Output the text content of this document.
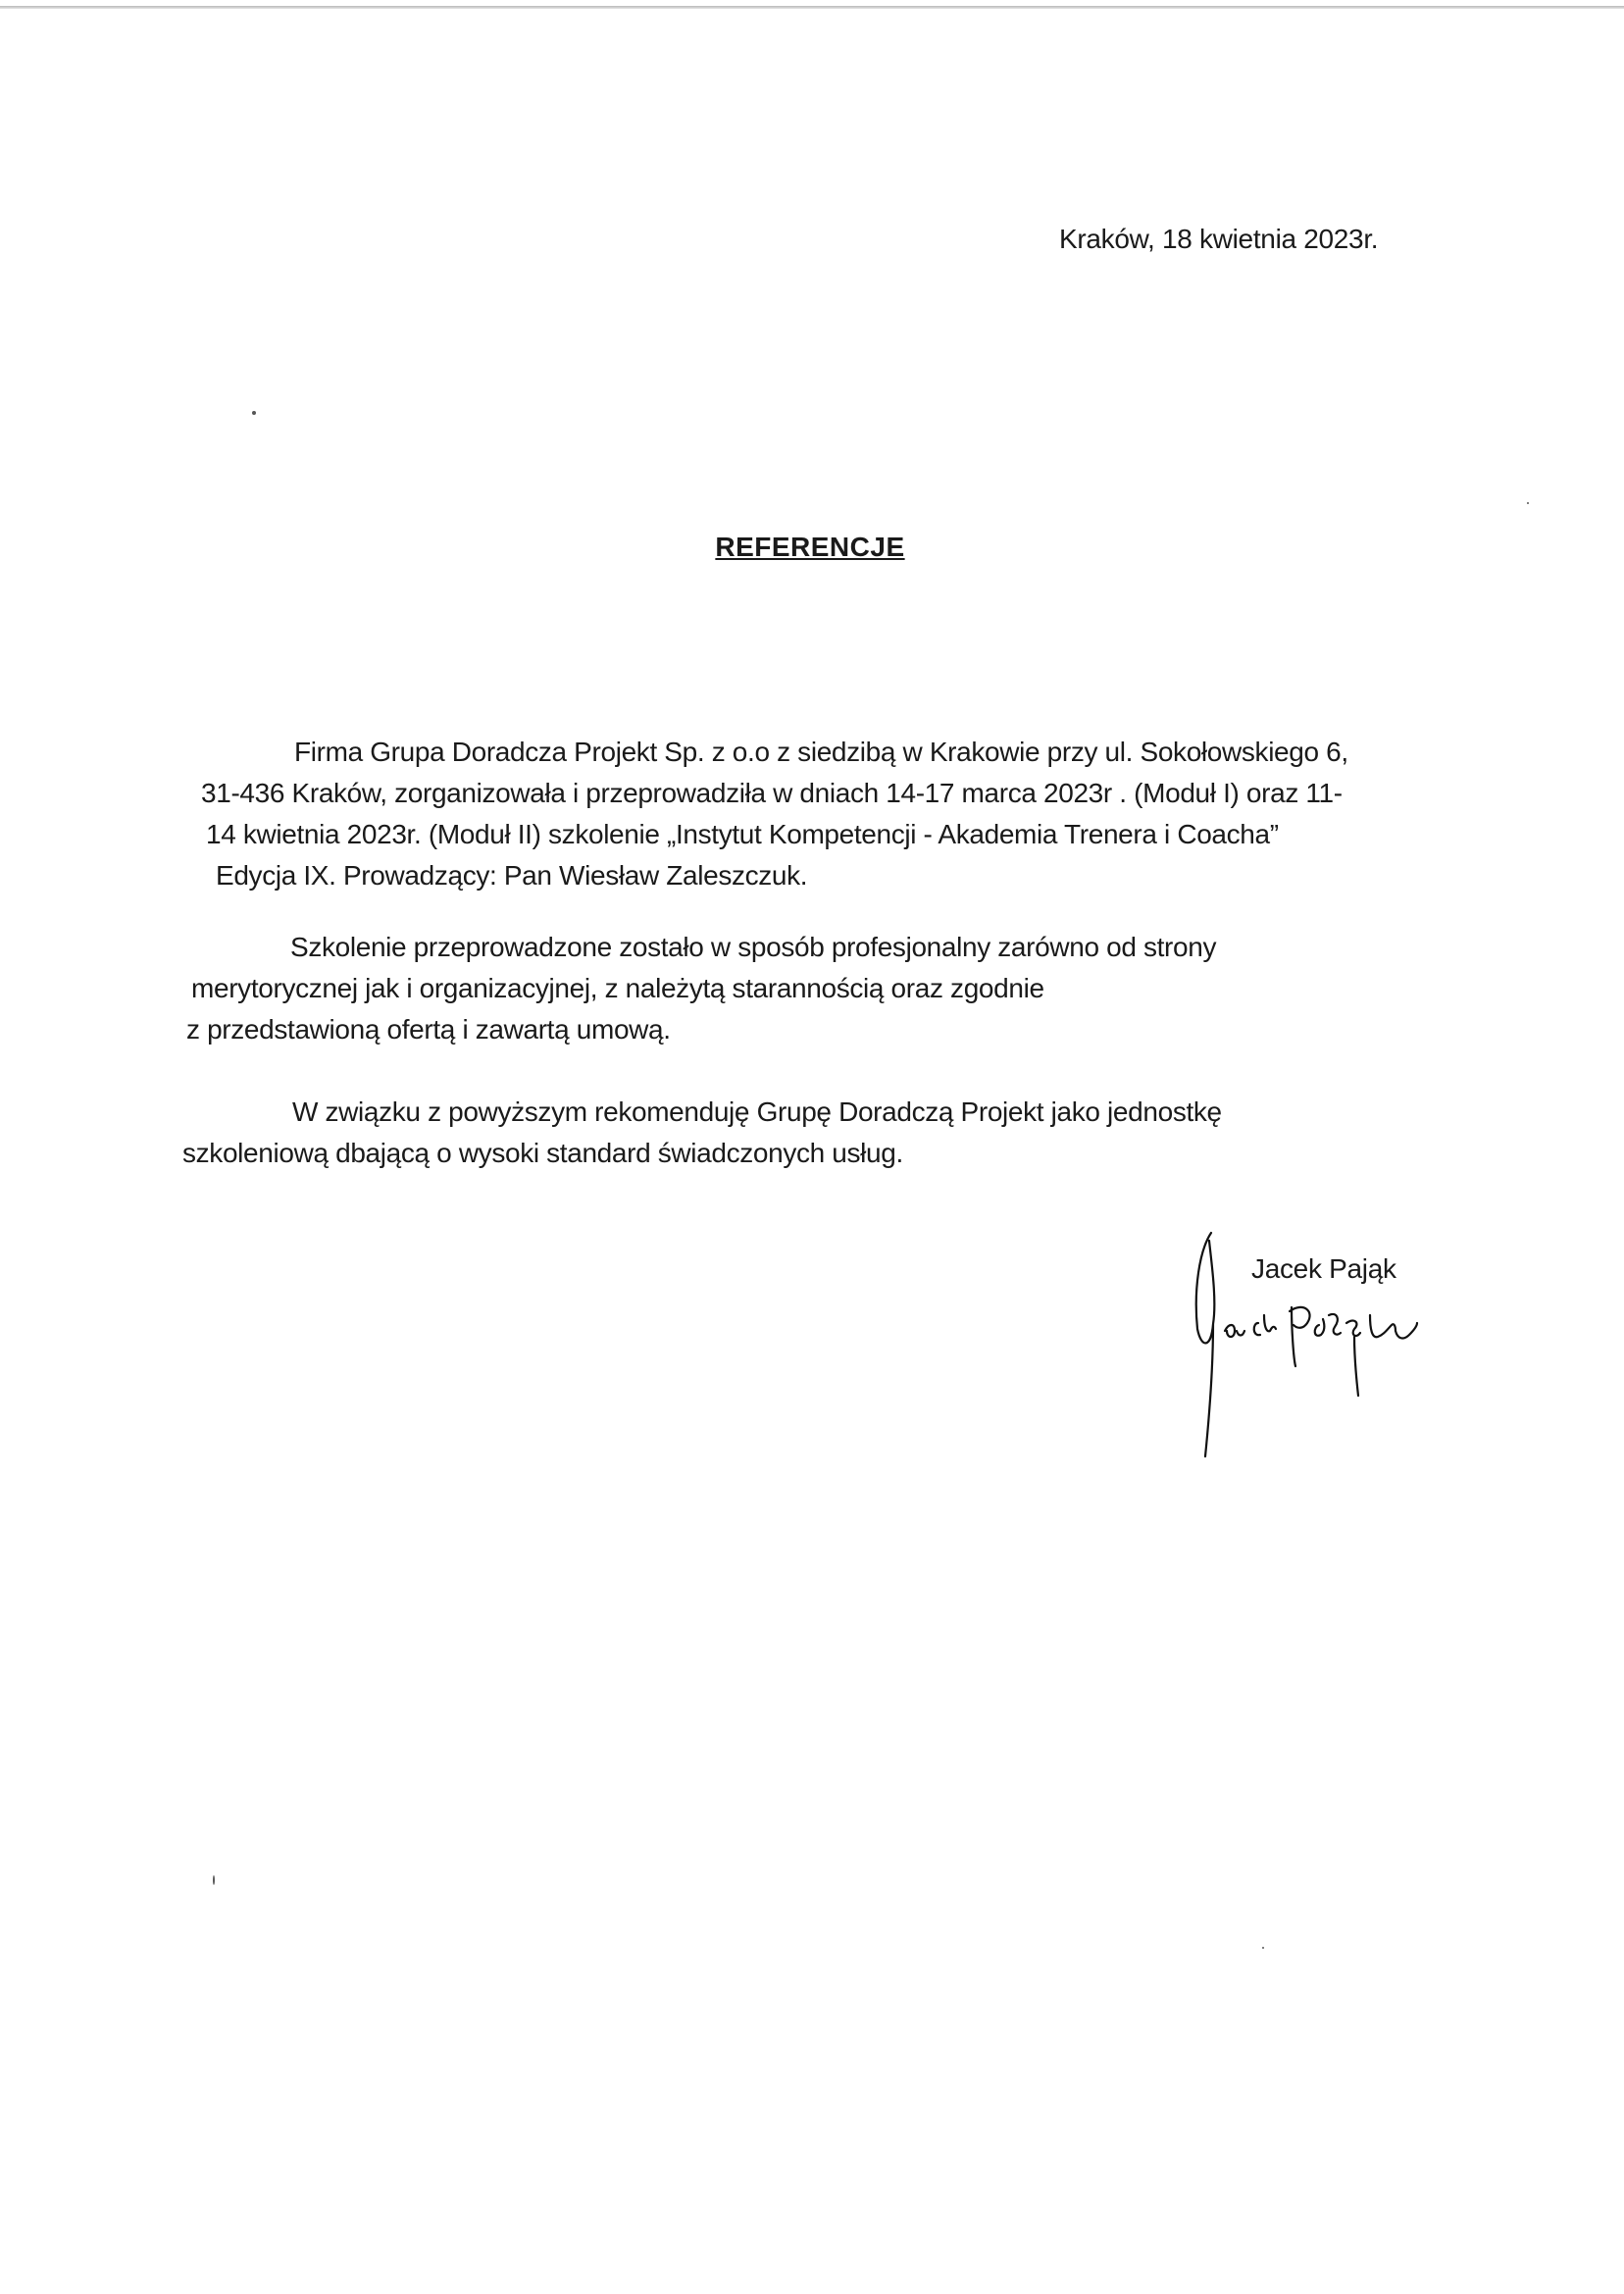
Kraków, 18 kwietnia 2023r.
REFERENCJE
Firma Grupa Doradcza Projekt Sp. z o.o z siedzibą w Krakowie przy ul. Sokołowskiego 6,
31-436 Kraków, zorganizowała i przeprowadziła w dniach 14-17 marca 2023r . (Moduł I) oraz 11-
14 kwietnia 2023r. (Moduł II) szkolenie „Instytut Kompetencji - Akademia Trenera i Coacha”
Edycja IX. Prowadzący: Pan Wiesław Zaleszczuk.
Szkolenie przeprowadzone zostało w sposób profesjonalny zarówno od strony
merytorycznej jak i organizacyjnej, z należytą starannością oraz zgodnie
z przedstawioną ofertą i zawartą umową.
W związku z powyższym rekomenduję Grupę Doradczą Projekt jako jednostkę
szkoleniową dbającą o wysoki standard świadczonych usług.
Jacek Pająk
